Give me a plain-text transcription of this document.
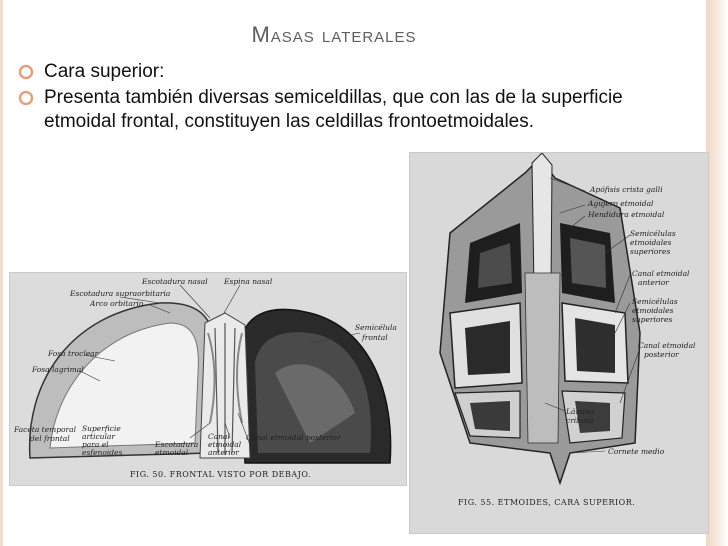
Masas laterales
Cara superior:
Presenta también diversas semiceldillas, que con las de la superficie etmoidal frontal, constituyen las celdillas frontoetmoidales.
Escotadura nasal Espina nasal
Escotadura supraorbitaria
Arco orbitario
Semicélula
frontal
Fosa troclear
Fosa lagrimal
Faceta temporal
del frontal
Superficie articular para el esfenoides
Escotadura etmoidal
Canal etmoidal anterior
Canal etmoidal posterior
FIG. 50. FRONTAL VISTO POR DEBAJO.
Apófisis crista galli
Agujero etmoidal
Hendidura etmoidal
Semicélulas
etmoidales
superiores
Canal etmoidal
anterior
Semicélulas
etmoidales
superiores
Canal etmoidal
posterior
Lámina
cribosa
Cornete medio
FIG. 55. ETMOIDES, CARA SUPERIOR.
